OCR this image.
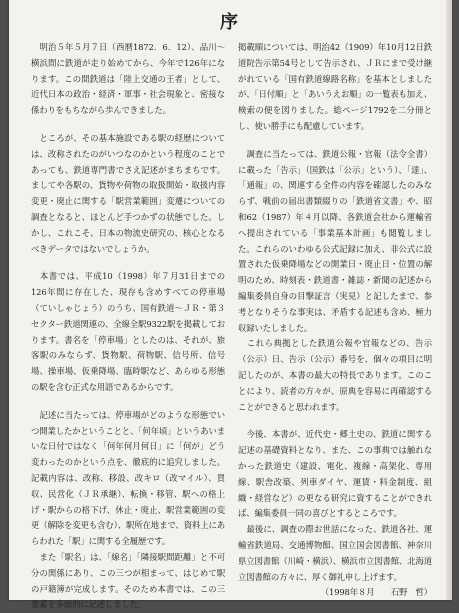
序

　明治５年５月７日（西暦1872．6．12）、品川～横浜間に鉄道が走り始めてから、今年で126年になります。この間鉄道は「陸上交通の王者」として、近代日本の政治・経済・軍事・社会現象と、密接な係わりをもちながら歩んできました。

　ところが、その基本施設である駅の経歴については、改称されたのがいつなのかという程度のことであっても、鉄道専門書でさえ記述がまちまちです。ましてや各駅の、貨物や荷物の取扱開始・取扱内容変更・廃止に関する「駅営業範囲」変遷についての調査となると、ほとんど手つかずの状態でした。しかし、これこそ、日本の物流史研究の、核心となるべきデータではないでしょうか。

　本書では、平成10（1998）年７月31日までの126年間に存在した、現存も含めすべての停車場（ていしゃじょう）のうち、国有鉄道～ＪＲ・第３セクター鉄道関連の、全線全駅9322駅を掲載しております。書名を「停車場」としたのは、それが、旅客駅のみならず、貨物駅、荷物駅、信号所、信号場、操車場、仮乗降場、臨時駅など、あらゆる形態の駅を含む正式な用語であるからです。

　記述に当たっては、停車場がどのような形態でいつ開業したかということと、「何年頃」というあいまいな日付ではなく「何年何月何日」に「何が」どう変わったのかという点を、徹底的に追究しました。記載内容は、改称、移設、改キロ（改マイル）、買収、民営化（ＪＲ承継）、転換・移管、駅への格上げ・駅からの格下げ、休止・廃止、駅営業範囲の変更（解除を変更も含む）、駅所在地まで、資料上にあらわれた「駅」に関する全履歴です。

　また「駅名」は、「線名」「隣接駅間距離」と不可分の関係にあり、この三つが相まって、はじめて駅の戸籍簿が完成します。そのため本書では、この三要素を多面的に記述しました。

掲載順については、明治42（1909）年10月12日鉄道院告示第54号として告示され、ＪＲにまで受け継がれている「国有鉄道線路名称」を基本としましたが、「日付順」と「あいうえお順」の一覧表も加え、検索の便を図りました。総ページ1792を二分冊とし、使い勝手にも配慮しています。

　調査に当たっては、鉄道公報・官報（法令全書）に載った「告示」（国鉄は「公示」という）、「達」、「通報」の、関連する全件の内容を確認したのみならず、戦前の届出書類綴りの「鉄道省文書」や、昭和62（1987）年４月以降、各鉄道会社から運輸省へ提出されている「事業基本計画」も閲覧しました。これらのいわゆる公式記録に加え、非公式に設置された仮乗降場などの開業日・廃止日・位置の解明のため、時刻表・鉄道書・雑誌・新聞の記述から編集委員自身の目撃証言（実見）と記したまで、参考となりそうな事実は、矛盾する記述も含め、極力収録いたしました。

　これら典拠とした鉄道公報や官報などの、告示（公示）日、告示（公示）番号を、個々の項目に明記したのが、本書の最大の特長であります。このことにより、読者の方々が、原典を容易に再確認することができると思われます。

　今後、本書が、近代史・郷土史の、鉄道に関する記述の基礎資料となり、また、この事典では触れなかった鉄道史（建設、電化、複線・高架化、専用線、駅舎改築、列車ダイヤ、運賃・料金制度、組織・経営など）の更なる研究に資することができれば、編集委員一同の喜びとするところです。

　最後に、調査の際お世話になった、鉄道各社、運輸省鉄道局、交通博物館、国立国会図書館、神奈川県立図書館（川崎・横浜）、横浜市立図書館、北海道立図書館の方々に、厚く御礼申し上げます。

（1998年８月　　石野　哲）
